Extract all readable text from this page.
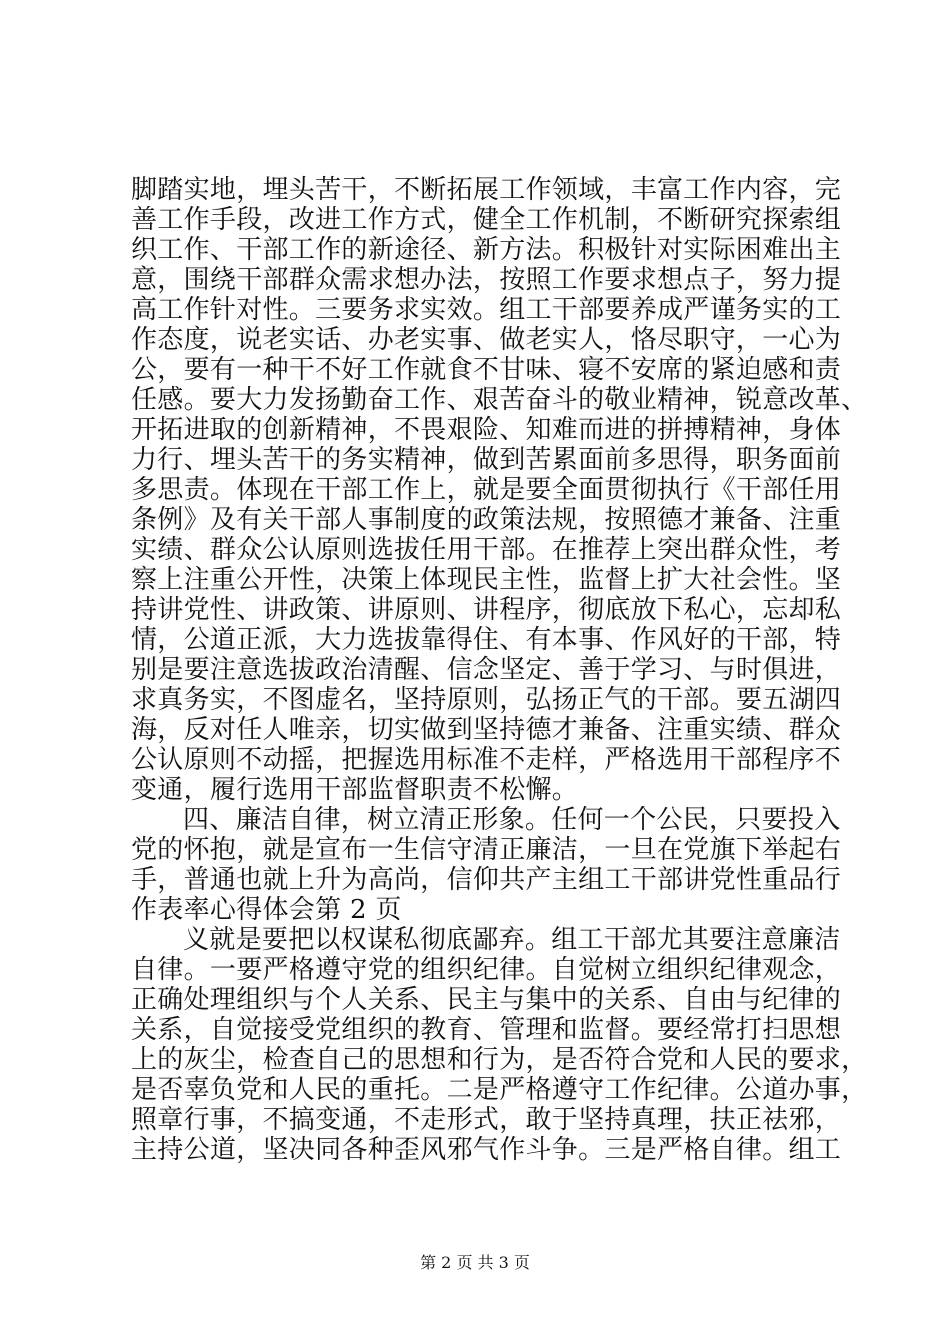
脚踏实地，埋头苦干，不断拓展工作领域，丰富工作内容，完
善工作手段，改进工作方式，健全工作机制，不断研究探索组
织工作、干部工作的新途径、新方法。积极针对实际困难出主
意，围绕干部群众需求想办法，按照工作要求想点子，努力提
高工作针对性。三要务求实效。组工干部要养成严谨务实的工
作态度，说老实话、办老实事、做老实人，恪尽职守，一心为
公，要有一种干不好工作就食不甘味、寝不安席的紧迫感和责
任感。要大力发扬勤奋工作、艰苦奋斗的敬业精神，锐意改革、
开拓进取的创新精神，不畏艰险、知难而进的拼搏精神，身体
力行、埋头苦干的务实精神，做到苦累面前多思得，职务面前
多思责。体现在干部工作上，就是要全面贯彻执行《干部任用
条例》及有关干部人事制度的政策法规，按照德才兼备、注重
实绩、群众公认原则选拔任用干部。在推荐上突出群众性，考
察上注重公开性，决策上体现民主性，监督上扩大社会性。坚
持讲党性、讲政策、讲原则、讲程序，彻底放下私心，忘却私
情，公道正派，大力选拔靠得住、有本事、作风好的干部，特
别是要注意选拔政治清醒、信念坚定、善于学习、与时俱进，
求真务实，不图虚名，坚持原则，弘扬正气的干部。要五湖四
海，反对任人唯亲，切实做到坚持德才兼备、注重实绩、群众
公认原则不动摇，把握选用标准不走样，严格选用干部程序不
变通，履行选用干部监督职责不松懈。
四、廉洁自律，树立清正形象。任何一个公民，只要投入
党的怀抱，就是宣布一生信守清正廉洁，一旦在党旗下举起右
手，普通也就上升为高尚，信仰共产主组工干部讲党性重品行
作表率心得体会第 2 页
义就是要把以权谋私彻底鄙弃。组工干部尤其要注意廉洁
自律。一要严格遵守党的组织纪律。自觉树立组织纪律观念，
正确处理组织与个人关系、民主与集中的关系、自由与纪律的
关系，自觉接受党组织的教育、管理和监督。要经常打扫思想
上的灰尘，检查自己的思想和行为，是否符合党和人民的要求，
是否辜负党和人民的重托。二是严格遵守工作纪律。公道办事，
照章行事，不搞变通，不走形式，敢于坚持真理，扶正祛邪，
主持公道，坚决同各种歪风邪气作斗争。三是严格自律。组工
第 2 页 共 3 页
